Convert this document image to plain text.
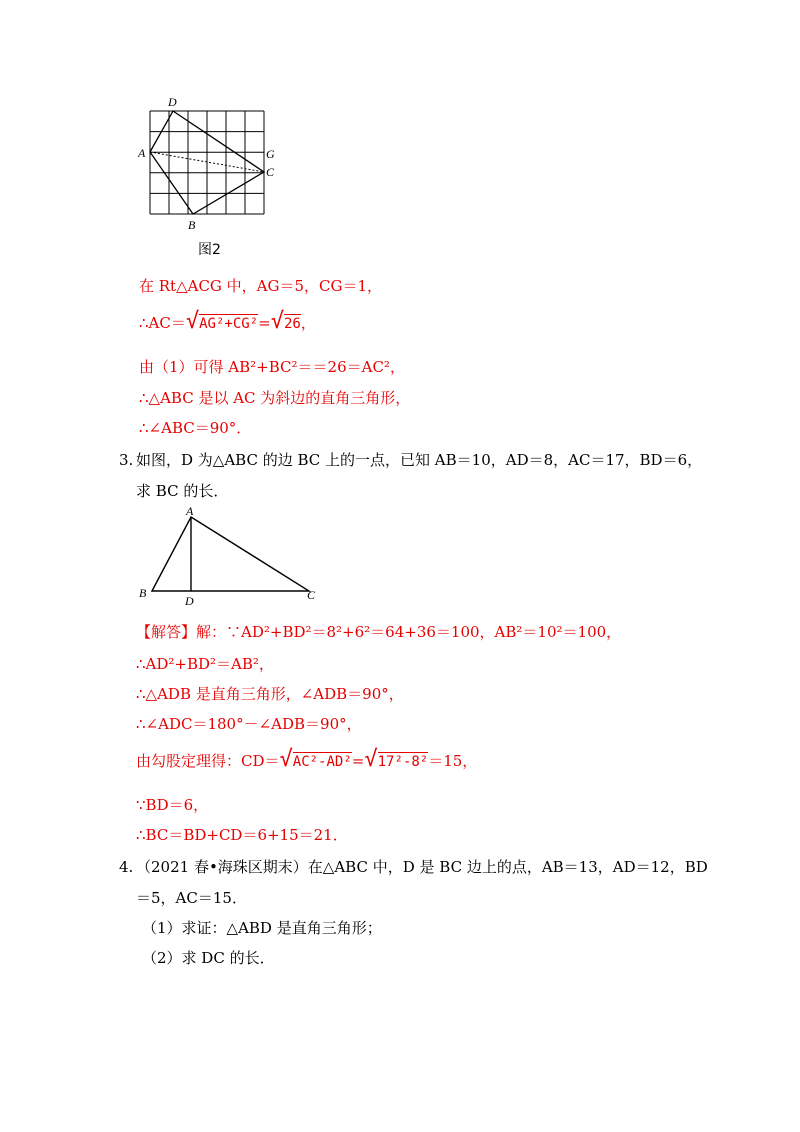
D
A	G
C
B
图2
在 Rt△ACG 中，AG＝5，CG＝1，
∴AC＝√AG²+CG²=√26，
由（1）可得 AB²+BC²＝＝26＝AC²，
∴△ABC 是以 AC 为斜边的直角三角形，
∴∠ABC＝90°．
3. 如图，D 为△ABC 的边 BC 上的一点，已知 AB＝10，AD＝8，AC＝17，BD＝6，
求 BC 的长．
A
B
D	C
【解答】解：∵AD²+BD²＝8²+6²＝64+36＝100，AB²＝10²＝100，
∴AD²+BD²＝AB²，
∴△ADB 是直角三角形，∠ADB＝90°，
∴∠ADC＝180°－∠ADB＝90°，
由勾股定理得：CD＝√AC²-AD²=√17²-8²＝15，
∵BD＝6，
∴BC＝BD+CD＝6+15＝21．
4. （2021 春•海珠区期末）在△ABC 中，D 是 BC 边上的点，AB＝13，AD＝12，BD
＝5，AC＝15．
（1）求证：△ABD 是直角三角形；
（2）求 DC 的长．
